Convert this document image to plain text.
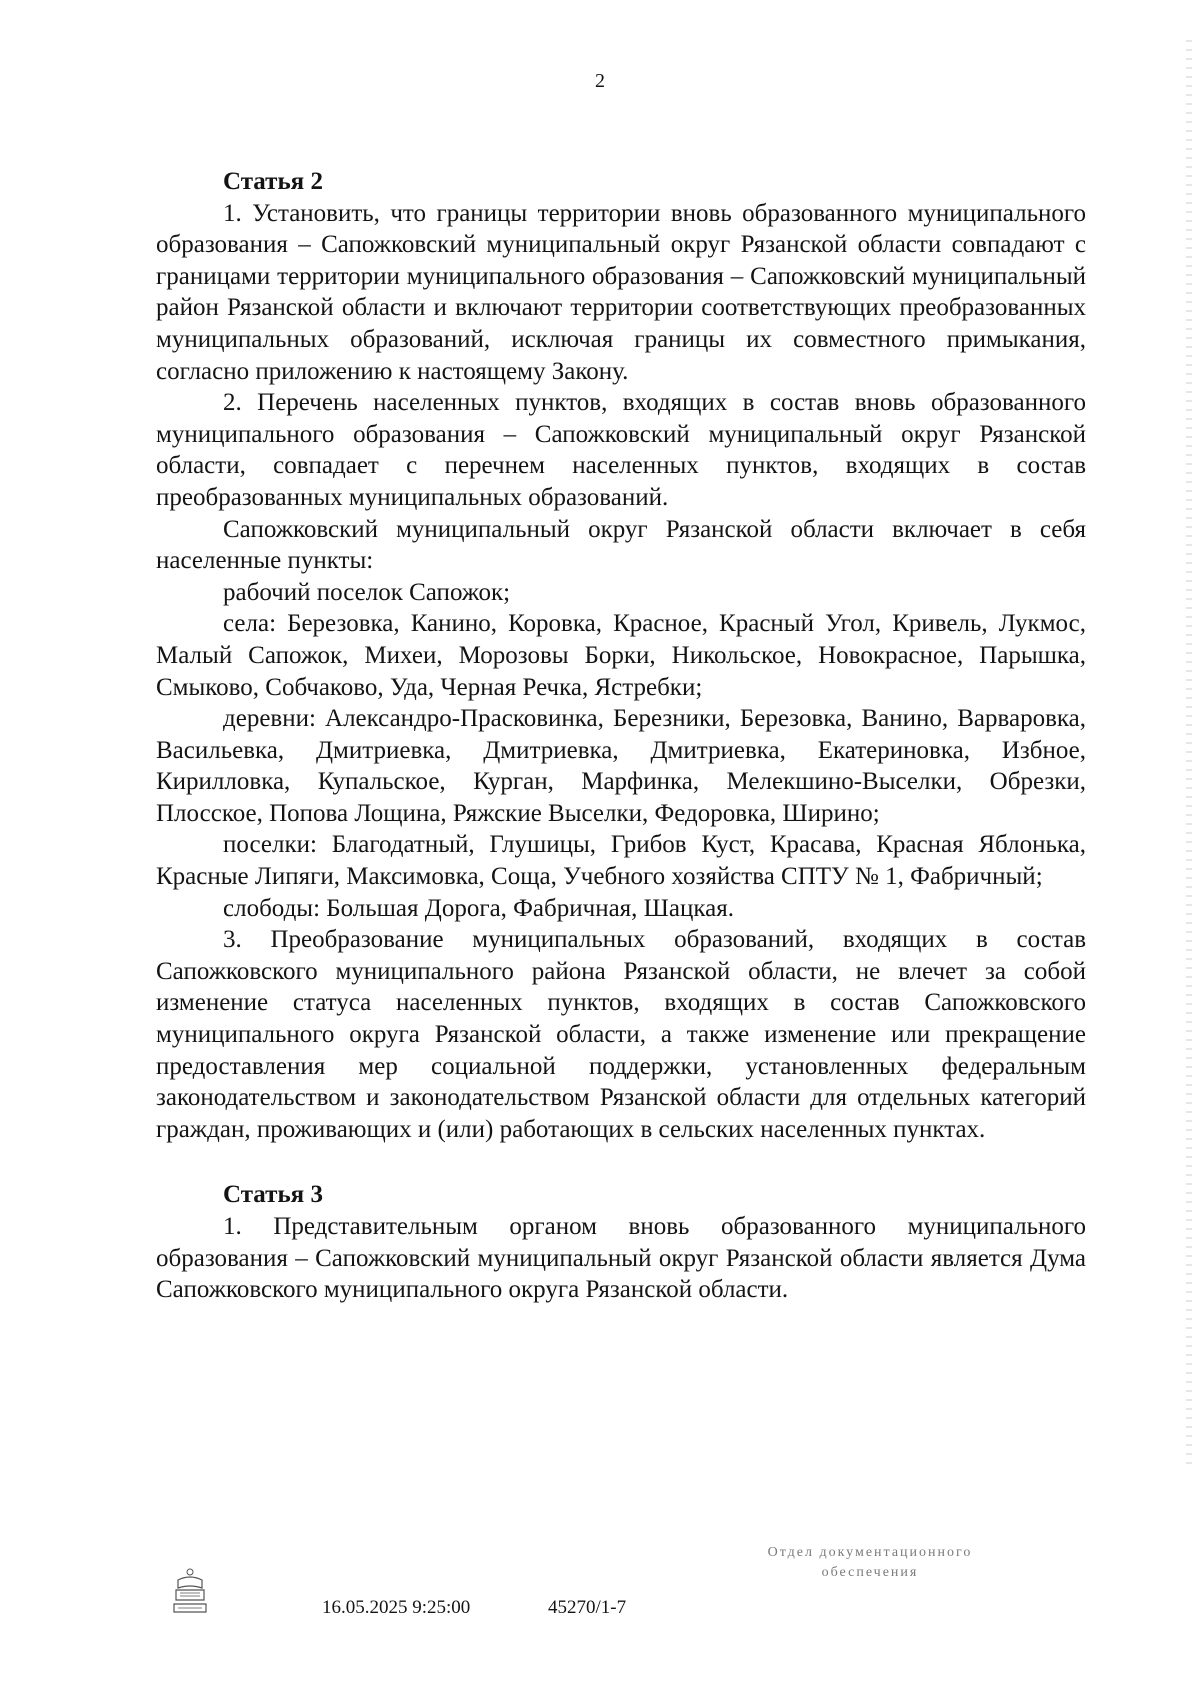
2

Статья 2

1. Установить, что границы территории вновь образованного муниципального образования – Сапожковский муниципальный округ Рязанской области совпадают с границами территории муниципального образования – Сапожковский муниципальный район Рязанской области и включают территории соответствующих преобразованных муниципальных образований, исключая границы их совместного примыкания, согласно приложению к настоящему Закону.

2. Перечень населенных пунктов, входящих в состав вновь образованного муниципального образования – Сапожковский муниципальный округ Рязанской области, совпадает с перечнем населенных пунктов, входящих в состав преобразованных муниципальных образований.

Сапожковский муниципальный округ Рязанской области включает в себя населенные пункты:

рабочий поселок Сапожок;

села: Березовка, Канино, Коровка, Красное, Красный Угол, Кривель, Лукмос, Малый Сапожок, Михеи, Морозовы Борки, Никольское, Новокрасное, Парышка, Смыково, Собчаково, Уда, Черная Речка, Ястребки;

деревни: Александро-Прасковинка, Березники, Березовка, Ванино, Варваровка, Васильевка, Дмитриевка, Дмитриевка, Дмитриевка, Екатериновка, Избное, Кирилловка, Купальское, Курган, Марфинка, Мелекшино-Выселки, Обрезки, Плосское, Попова Лощина, Ряжские Выселки, Федоровка, Ширино;

поселки: Благодатный, Глушицы, Грибов Куст, Красава, Красная Яблонька, Красные Липяги, Максимовка, Соща, Учебного хозяйства СПТУ № 1, Фабричный;

слободы: Большая Дорога, Фабричная, Шацкая.

3. Преобразование муниципальных образований, входящих в состав Сапожковского муниципального района Рязанской области, не влечет за собой изменение статуса населенных пунктов, входящих в состав Сапожковского муниципального округа Рязанской области, а также изменение или прекращение предоставления мер социальной поддержки, установленных федеральным законодательством и законодательством Рязанской области для отдельных категорий граждан, проживающих и (или) работающих в сельских населенных пунктах.

Статья 3

1. Представительным органом вновь образованного муниципального образования – Сапожковский муниципальный округ Рязанской области является Дума Сапожковского муниципального округа Рязанской области.

16.05.2025 9:25:00	45270/1-7
Отдел документационного
обеспечения
